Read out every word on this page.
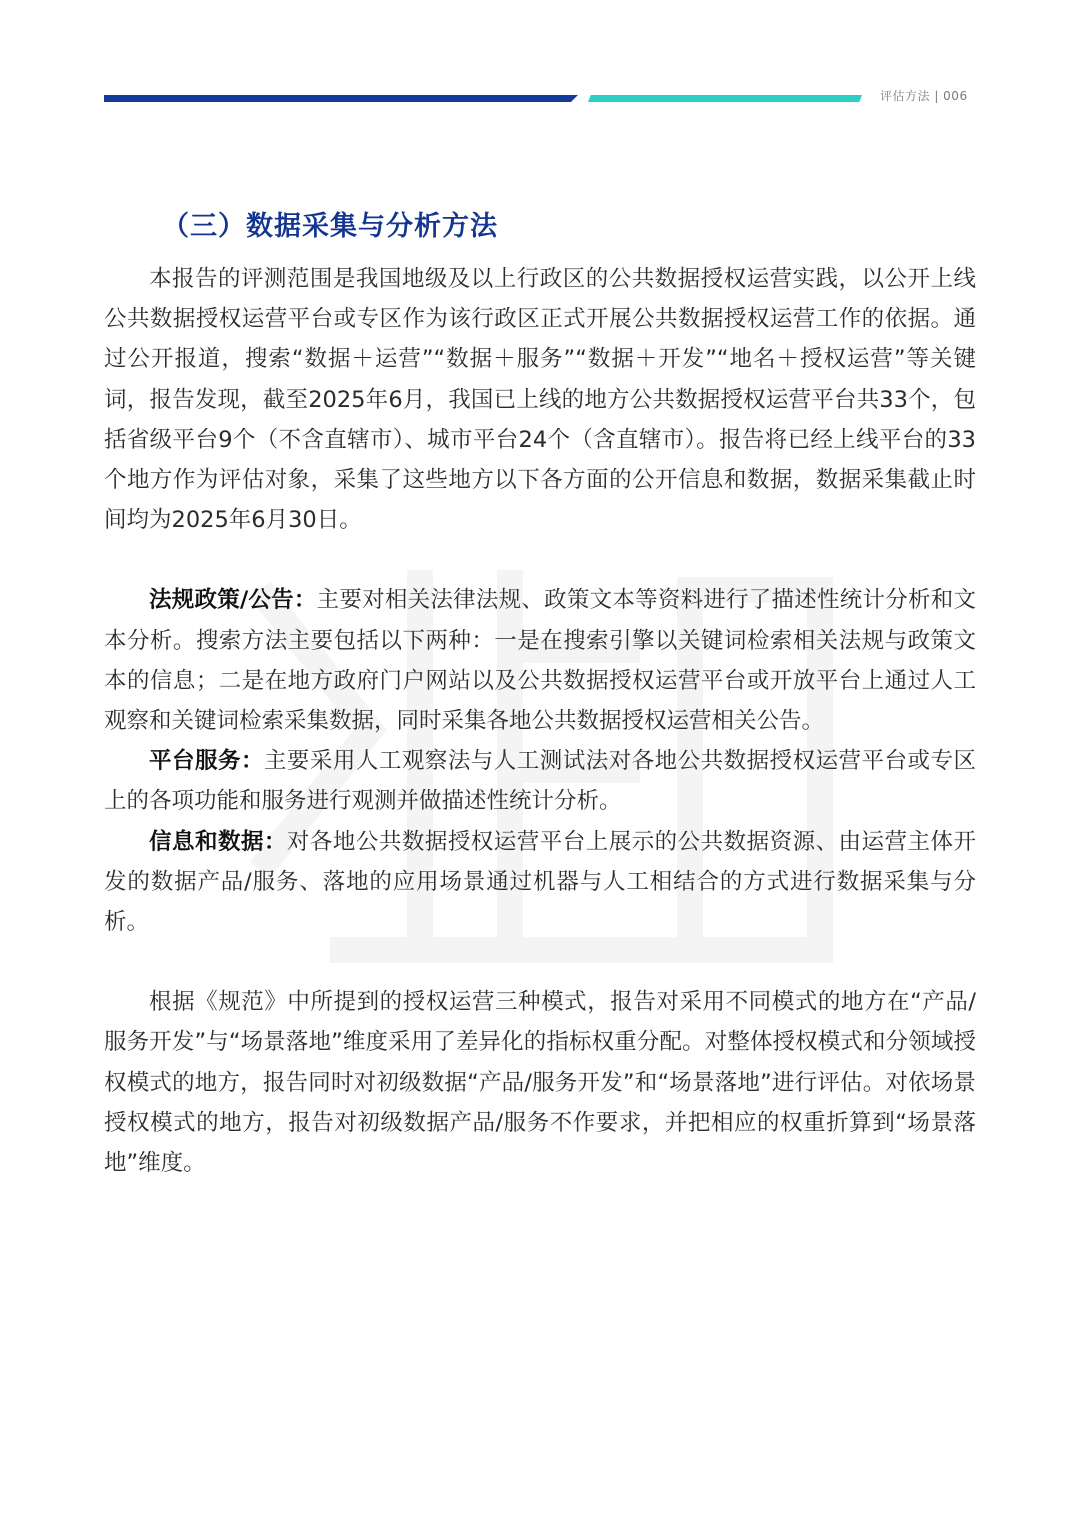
评估方法 | 006
（三）数据采集与分析方法

本报告的评测范围是我国地级及以上行政区的公共数据授权运营实践，以公开上线公共数据授权运营平台或专区作为该行政区正式开展公共数据授权运营工作的依据。通过公开报道，搜索“数据＋运营”“数据＋服务”“数据＋开发”“地名＋授权运营”等关键词，报告发现，截至2025年6月，我国已上线的地方公共数据授权运营平台共33个，包括省级平台9个（不含直辖市）、城市平台24个（含直辖市）。报告将已经上线平台的33个地方作为评估对象，采集了这些地方以下各方面的公开信息和数据，数据采集截止时间均为2025年6月30日。

法规政策/公告：主要对相关法律法规、政策文本等资料进行了描述性统计分析和文本分析。搜索方法主要包括以下两种：一是在搜索引擎以关键词检索相关法规与政策文本的信息；二是在地方政府门户网站以及公共数据授权运营平台或开放平台上通过人工观察和关键词检索采集数据，同时采集各地公共数据授权运营相关公告。

平台服务：主要采用人工观察法与人工测试法对各地公共数据授权运营平台或专区上的各项功能和服务进行观测并做描述性统计分析。

信息和数据：对各地公共数据授权运营平台上展示的公共数据资源、由运营主体开发的数据产品/服务、落地的应用场景通过机器与人工相结合的方式进行数据采集与分析。

根据《规范》中所提到的授权运营三种模式，报告对采用不同模式的地方在“产品/服务开发”与“场景落地”维度采用了差异化的指标权重分配。对整体授权模式和分领域授权模式的地方，报告同时对初级数据“产品/服务开发”和“场景落地”进行评估。对依场景授权模式的地方，报告对初级数据产品/服务不作要求，并把相应的权重折算到“场景落地”维度。
